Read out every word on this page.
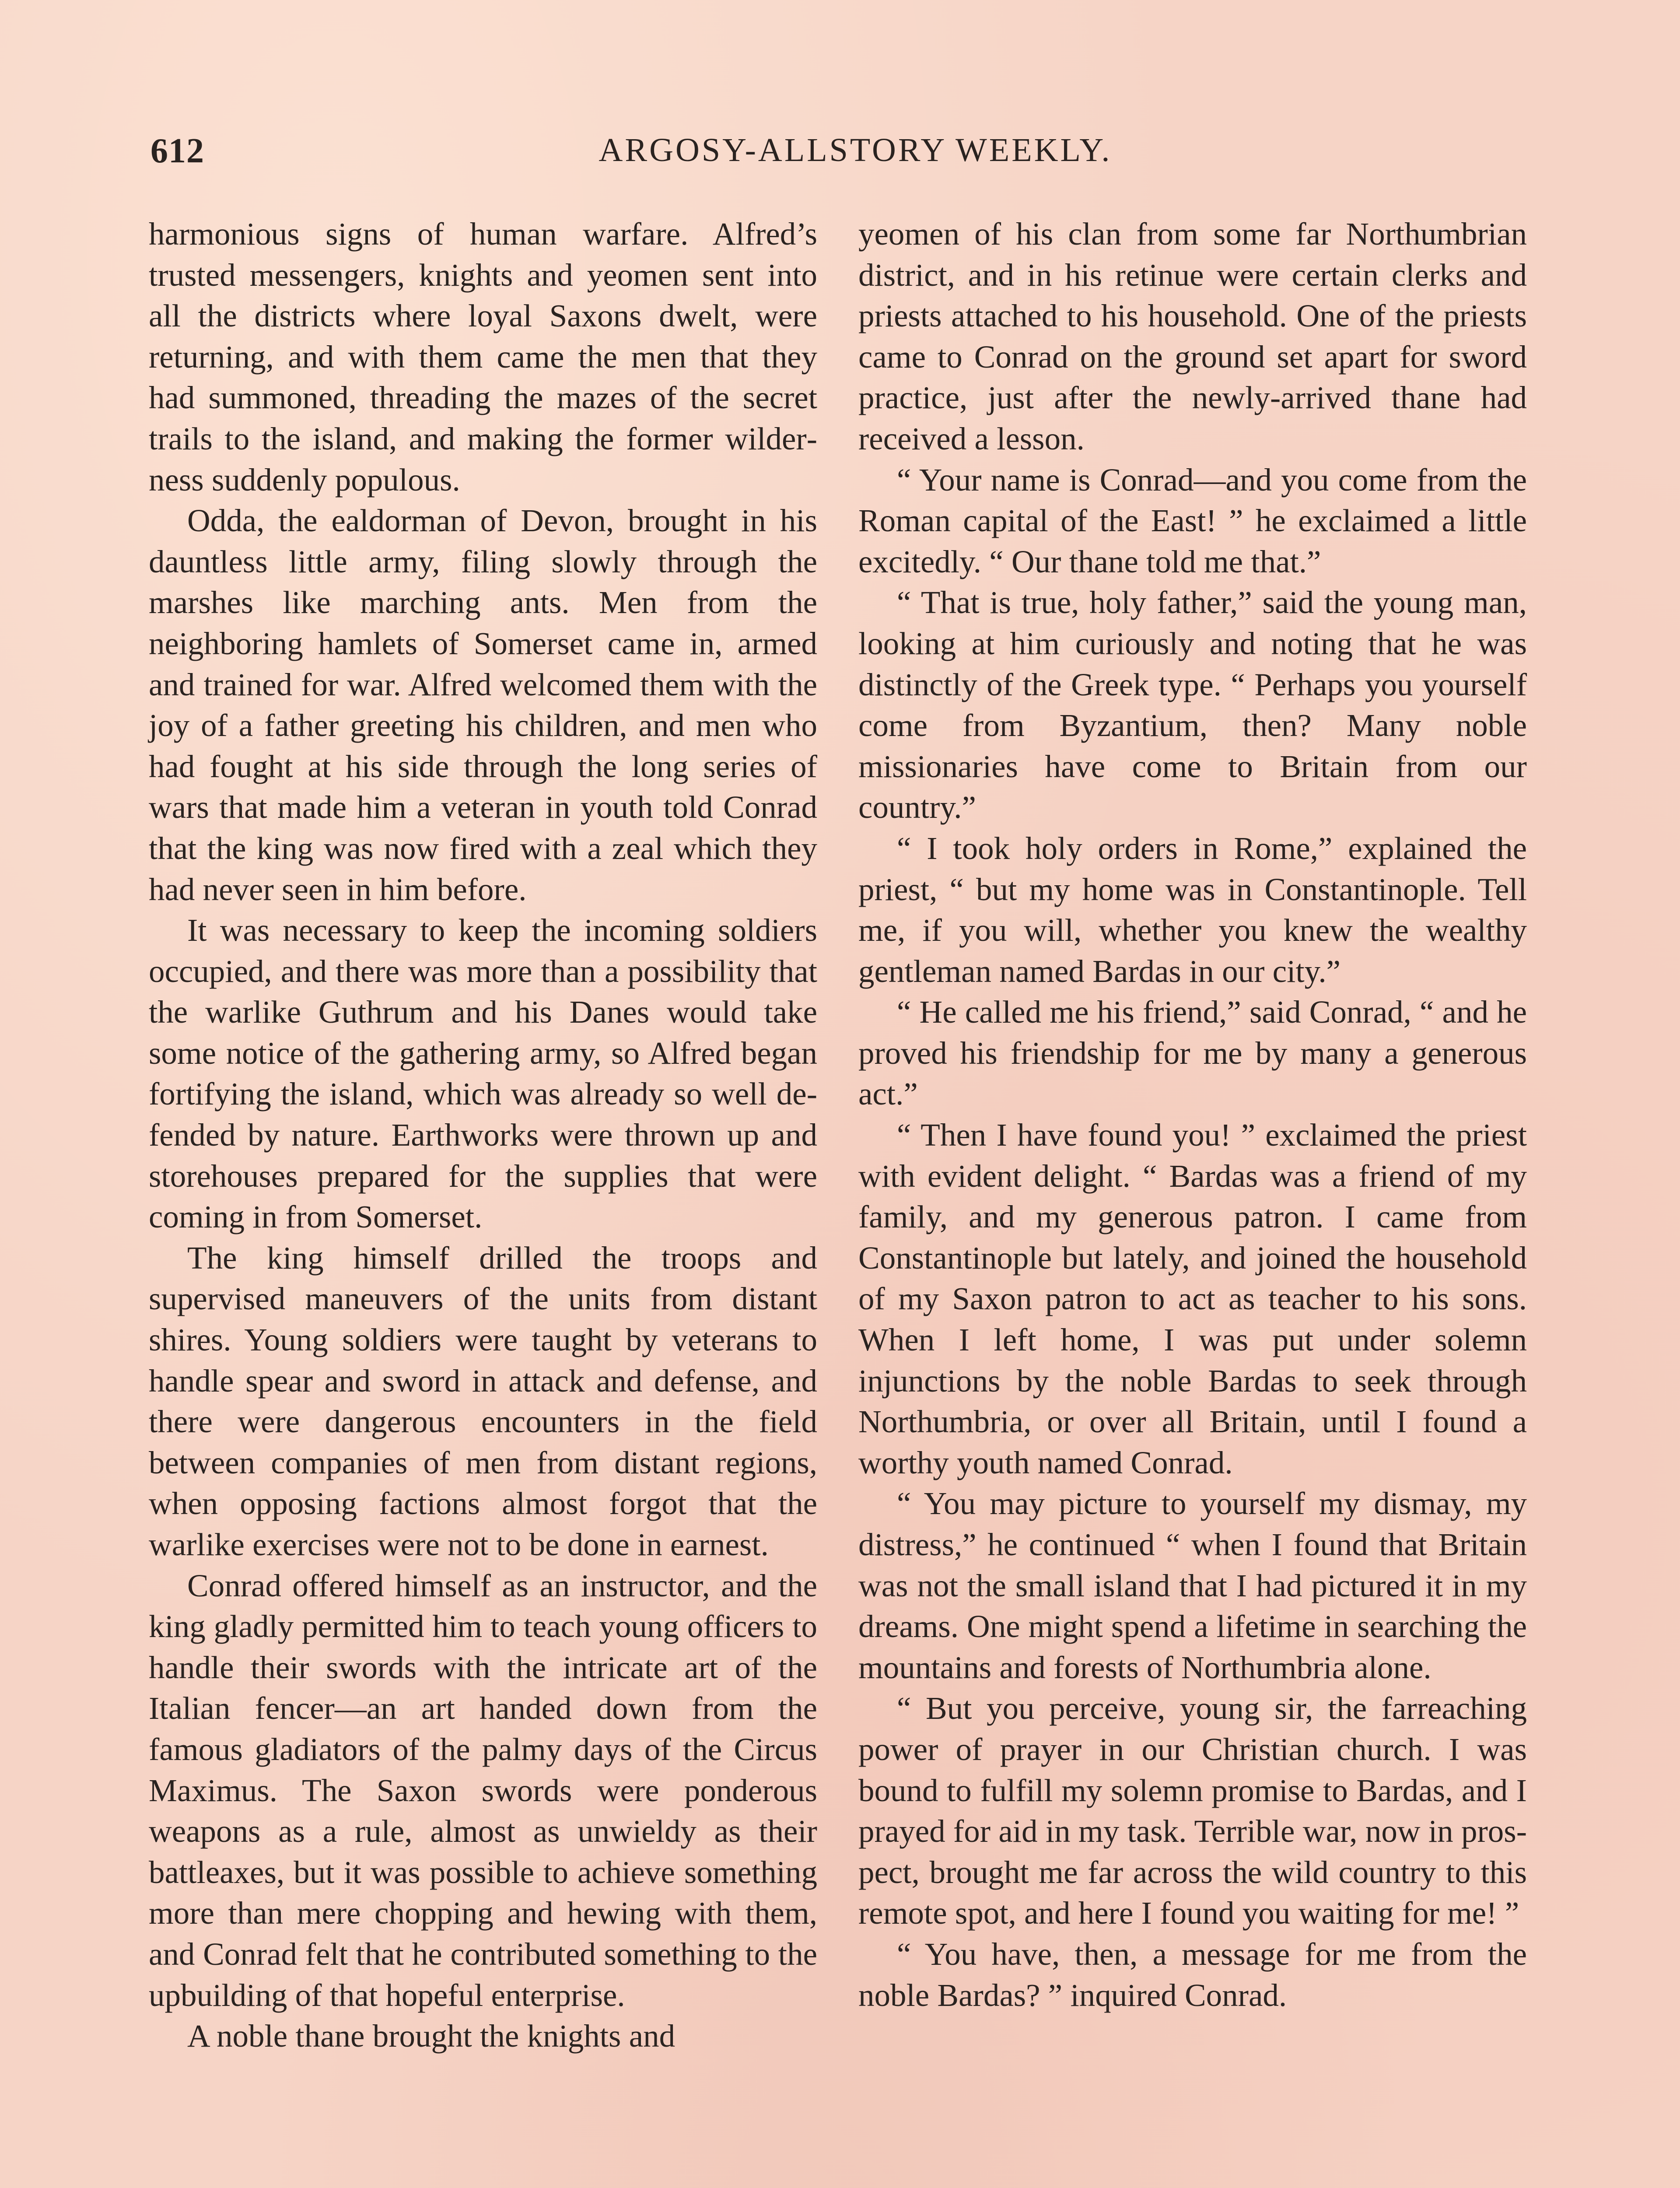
612	ARGOSY-ALLSTORY WEEKLY.

harmonious signs of human warfare. Alfred’s trusted messengers, knights and yeomen sent into all the districts where loyal Saxons dwelt, were returning, and with them came the men that they had summoned, threading the mazes of the secret trails to the island, and making the former wilderness suddenly populous.

Odda, the ealdorman of Devon, brought in his dauntless little army, filing slowly through the marshes like marching ants. Men from the neighboring hamlets of Somerset came in, armed and trained for war. Alfred welcomed them with the joy of a father greeting his children, and men who had fought at his side through the long series of wars that made him a veteran in youth told Conrad that the king was now fired with a zeal which they had never seen in him before.

It was necessary to keep the incoming soldiers occupied, and there was more than a possibility that the warlike Guthrum and his Danes would take some notice of the gathering army, so Alfred began fortifying the island, which was already so well defended by nature. Earthworks were thrown up and storehouses prepared for the supplies that were coming in from Somerset.

The king himself drilled the troops and supervised maneuvers of the units from distant shires. Young soldiers were taught by veterans to handle spear and sword in attack and defense, and there were dangerous encounters in the field between companies of men from distant regions, when opposing factions almost forgot that the warlike exercises were not to be done in earnest.

Conrad offered himself as an instructor, and the king gladly permitted him to teach young officers to handle their swords with the intricate art of the Italian fencer—an art handed down from the famous gladiators of the palmy days of the Circus Maximus. The Saxon swords were ponderous weapons as a rule, almost as unwieldy as their battleaxes, but it was possible to achieve something more than mere chopping and hewing with them, and Conrad felt that he contributed something to the upbuilding of that hopeful enterprise.

A noble thane brought the knights and

yeomen of his clan from some far Northumbrian district, and in his retinue were certain clerks and priests attached to his household. One of the priests came to Conrad on the ground set apart for sword practice, just after the newly-arrived thane had received a lesson.

“ Your name is Conrad—and you come from the Roman capital of the East! ” he exclaimed a little excitedly. “ Our thane told me that.”

“ That is true, holy father,” said the young man, looking at him curiously and noting that he was distinctly of the Greek type. “ Perhaps you yourself come from Byzantium, then? Many noble missionaries have come to Britain from our country.”

“ I took holy orders in Rome,” explained the priest, “ but my home was in Constantinople. Tell me, if you will, whether you knew the wealthy gentleman named Bardas in our city.”

“ He called me his friend,” said Conrad, “ and he proved his friendship for me by many a generous act.”

“ Then I have found you! ” exclaimed the priest with evident delight. “ Bardas was a friend of my family, and my generous patron. I came from Constantinople but lately, and joined the household of my Saxon patron to act as teacher to his sons. When I left home, I was put under solemn injunctions by the noble Bardas to seek through Northumbria, or over all Britain, until I found a worthy youth named Conrad.

“ You may picture to yourself my dismay, my distress,” he continued “ when I found that Britain was not the small island that I had pictured it in my dreams. One might spend a lifetime in searching the mountains and forests of Northumbria alone.

“ But you perceive, young sir, the farreaching power of prayer in our Christian church. I was bound to fulfill my solemn promise to Bardas, and I prayed for aid in my task. Terrible war, now in prospect, brought me far across the wild country to this remote spot, and here I found you waiting for me! ”

“ You have, then, a message for me from the noble Bardas? ” inquired Conrad.
